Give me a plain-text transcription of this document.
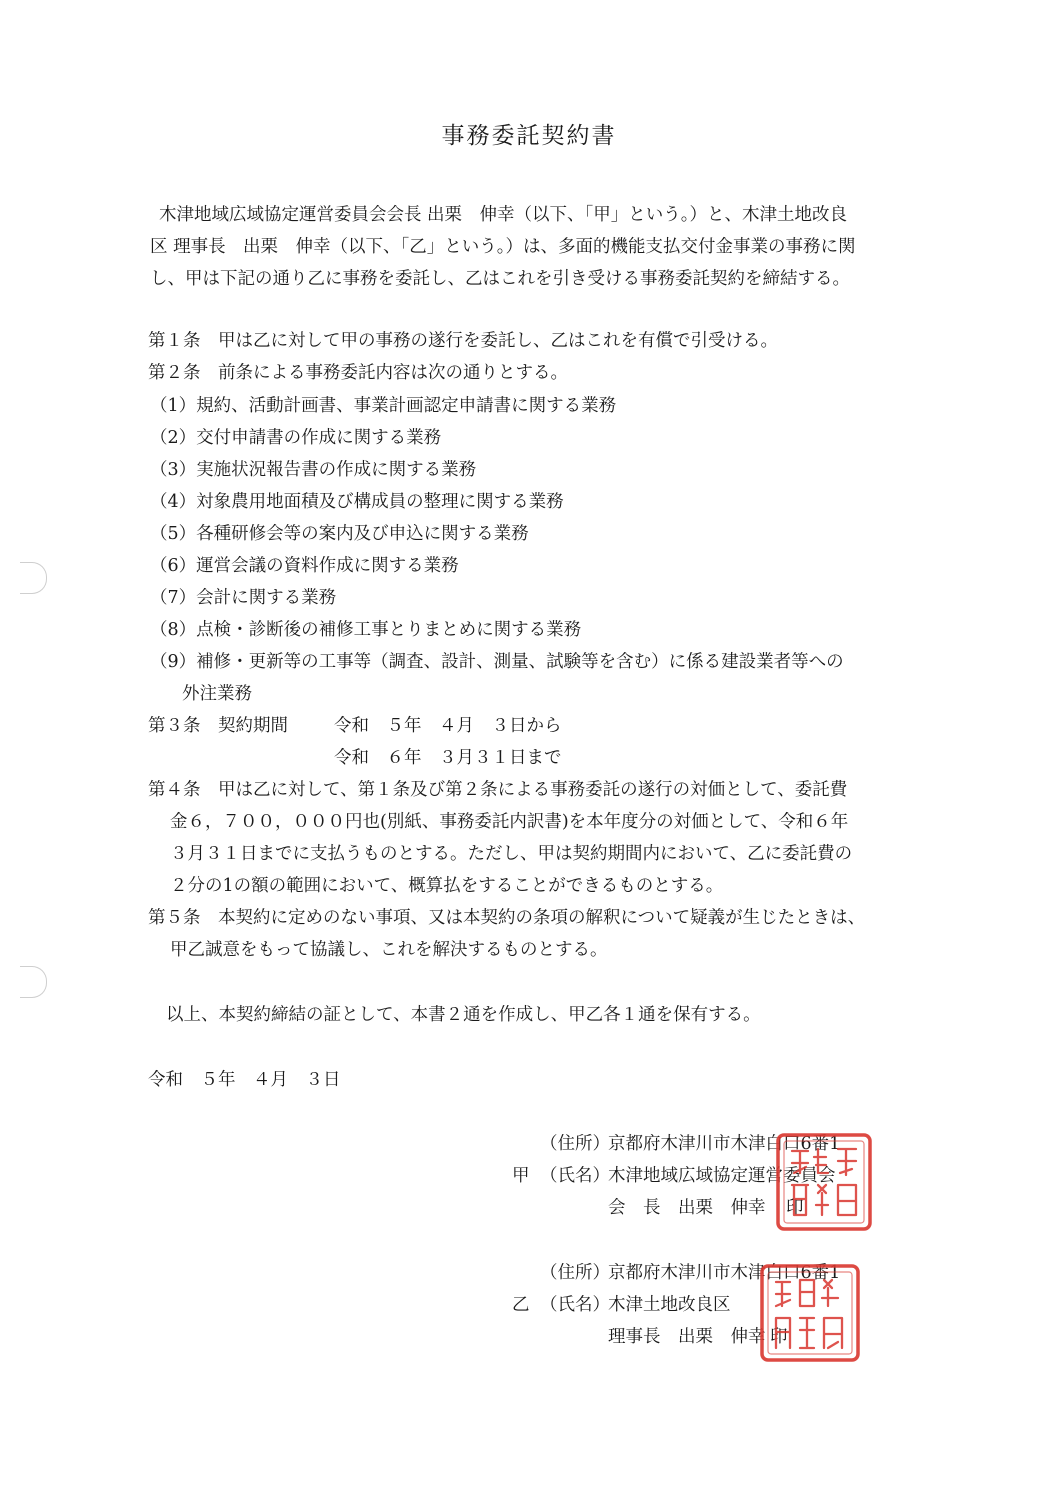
事務委託契約書
木津地域広域協定運営委員会会長 出栗　伸幸（以下、「甲」という。）と、木津土地改良
区 理事長　出栗　伸幸（以下、「乙」という。）は、多面的機能支払交付金事業の事務に関
し、甲は下記の通り乙に事務を委託し、乙はこれを引き受ける事務委託契約を締結する。
第１条　甲は乙に対して甲の事務の遂行を委託し、乙はこれを有償で引受ける。
第２条　前条による事務委託内容は次の通りとする。
（1）規約、活動計画書、事業計画認定申請書に関する業務
（2）交付申請書の作成に関する業務
（3）実施状況報告書の作成に関する業務
（4）対象農用地面積及び構成員の整理に関する業務
（5）各種研修会等の案内及び申込に関する業務
（6）運営会議の資料作成に関する業務
（7）会計に関する業務
（8）点検・診断後の補修工事とりまとめに関する業務
（9）補修・更新等の工事等（調査、設計、測量、試験等を含む）に係る建設業者等への
外注業務
第３条　契約期間	令和　５年　４月　３日から
令和　６年　３月３１日まで
第４条　甲は乙に対して、第１条及び第２条による事務委託の遂行の対価として、委託費
金６，７００，０００円也(別紙、事務委託内訳書)を本年度分の対価として、令和６年
３月３１日までに支払うものとする。ただし、甲は契約期間内において、乙に委託費の
２分の1の額の範囲において、概算払をすることができるものとする。
第５条　本契約に定めのない事項、又は本契約の条項の解釈について疑義が生じたときは、
甲乙誠意をもって協議し、これを解決するものとする。
以上、本契約締結の証として、本書２通を作成し、甲乙各１通を保有する。
令和　５年　４月　３日
（住所）
京都府木津川市木津白口6番1
甲 （氏名）
木津地域広域協定運営委員会
会　長　出栗　伸幸 印
（住所）
京都府木津川市木津白口6番1
乙 （氏名）
木津土地改良区
理事長　出栗　伸幸 印
